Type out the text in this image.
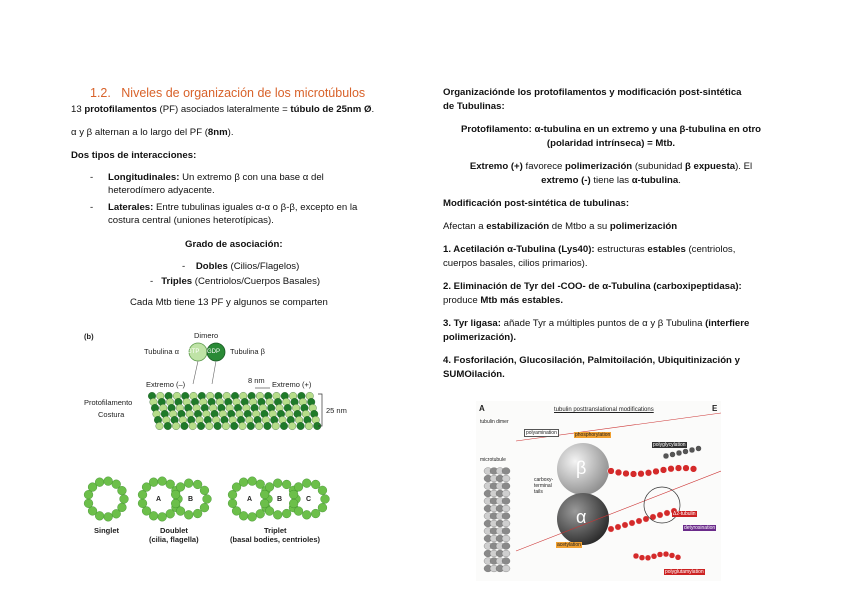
1.2.   Niveles de organización de los microtúbulos
13 protofilamentos (PF) asociados lateralmente = túbulo de 25nm Ø.
α y β alternan a lo largo del PF (8nm).
Dos tipos de interacciones:
- Longitudinales: Un extremo β con una base α del
heterodímero adyacente.
- Laterales: Entre tubulinas iguales α-α o β-β, excepto en la
costura central (uniones heterotípicas).
Grado de asociación:
-    Dobles (Cilios/Flagelos)
-   Triples (Centriolos/Cuerpos Basales)
Cada Mtb tiene 13 PF y algunos se comparten
(b)	Dimero
Tubulina α	Tubulina β
GTP GDP
Extremo (–)	8 nm Extremo (+)
Protofilamento
Costura	25 nm
Singlet	Doublet
(cilia, flagella)
Triplet
(basal bodies, centrioles)
A	B	A	B	C
Organizaciónde los protofilamentos y modificación post-sintética
de Tubulinas:
Protofilamento: α-tubulina en un extremo y una β-tubulina en otro
(polaridad intrínseca) = Mtb.
Extremo (+) favorece polimerización (subunidad β expuesta). El
extremo (-) tiene las α-tubulina.
Modificación post-sintética de tubulinas:
Afectan a estabilización de Mtbo a su polimerización
1. Acetilación α-Tubulina (Lys40): estructuras estables (centriolos,
cuerpos basales, cilios primarios).
2. Eliminación de Tyr del -COO- de α-Tubulina (carboxipeptidasa):
produce Mtb más estables.
3. Tyr ligasa: añade Tyr a múltiples puntos de α y β Tubulina (interfiere
polimerización).
4. Fosforilación, Glucosilación, Palmitoilación, Ubiquitinización y
SUMOilación.
A	E
tubulin posttranslational modifications
tubulin dimer
microtubule
polyamination	phosphorylation
polyglycylation
carboxy-terminal tails
β
α
acetylation
detyrosination
Δ2-tubulin
polyglutamylation
